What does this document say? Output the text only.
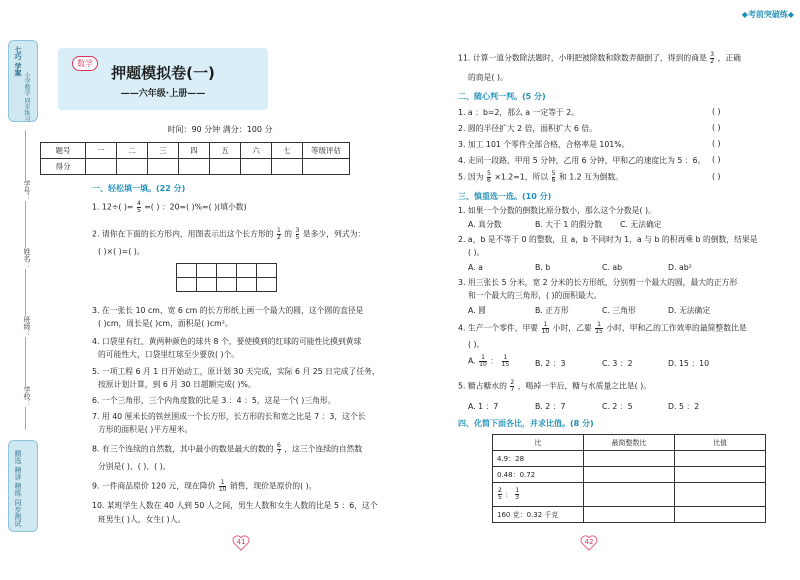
七巧 学案
小学数学 同步练习
学号：
姓名：
班级：
学校：
精选 精讲 精练 同步测试
数学
押题模拟卷(一)
——六年级·上册——
时间：90 分钟 满分：100 分
题号	一	二	三	四	五	六	七	等级评估
得分								
一、轻松填一填。(22 分)
1. 12÷( )= $\frac{4}{5}$ =( ) ：20=( )%=( )(填小数)
2. 请你在下面的长方形内，用图表示出这个长方形的 $\frac{1}{2}$ 的 $\frac{3}{5}$ 是多少，列式为：
( )×( )=( )。

3. 在一张长 10 cm、宽 6 cm 的长方形纸上画一个最大的圆，这个圆的直径是
( )cm，周长是( )cm，面积是( )cm²。
4. 口袋里有红、黄两种颜色的球共 8 个，要使摸到的红球的可能性比摸到黄球
的可能性大，口袋里红球至少要放( )个。
5. 一项工程 6 月 1 日开始动工，原计划 30 天完成，实际 6 月 25 日完成了任务，
按原计划计算，到 6 月 30 日超额完成( )%。
6. 一个三角形，三个内角度数的比是 3 ：4 ：5，这是一个( )三角形。
7. 用 40 厘米长的铁丝围成一个长方形，长方形的长和宽之比是 7 ：3，这个长
方形的面积是( )平方厘米。
8. 有三个连续的自然数，其中最小的数是最大的数的 $\frac{6}{7}$ ，这三个连续的自然数
分别是( )、( )、( )。
9. 一件商品原价 120 元，现在降价 $\frac{1}{10}$ 销售，现价是原价的( )。
10. 某班学生人数在 40 人到 50 人之间，男生人数和女生人数的比是 5 ：6，这个
班男生( )人，女生( )人。
41
◆考前突破练◆
11. 计算一道分数除法题时，小明把被除数和除数弄颠倒了，得到的商是 $\frac{3}{2}$ ，正确
的商是( )。
二、随心判一判。(5 分)
1. a ：b=2，那么 a 一定等于 2。	( )
2. 圆的半径扩大 2 倍，面积扩大 6 倍。	( )
3. 加工 101 个零件全部合格，合格率是 101%。	( )
4. 走同一段路，甲用 5 分钟，乙用 6 分钟，甲和乙的速度比为 5 ：6。 ( )
5. 因为 $\frac{5}{6} \times 1.2=1$，所以 $\frac{5}{6}$ 和 1.2 互为倒数。	( )
三、慎重选一选。(10 分)
1. 如果一个分数的倒数比原分数小，那么这个分数是( )。
A. 真分数	B. 大于 1 的假分数 C. 无法确定
2. a，b 是不等于 0 的整数，且 a，b 不同时为 1，a 与 b 的积再乘 b 的倒数，结果是
( )。
A. a	B. b	C. ab	D. ab²
3. 用三张长 5 分米，宽 2 分米的长方形纸，分别剪一个最大的圆，最大的正方形
和一个最大的三角形，( )的面积最大。
A. 圆	B. 正方形	C. 三角形	D. 无法确定
4. 生产一个零件，甲要 $\frac{1}{10}$ 小时，乙要 $\frac{1}{15}$ 小时，甲和乙的工作效率的最简整数比是
( )。
A. $\frac{1}{10}$ ： $\frac{1}{15}$	B. 2 ：3	C. 3 ：2	D. 15 ：10
5. 糖占糖水的 $\frac{2}{7}$ ，喝掉一半后，糖与水质量之比是( )。
A. 1 ：7	B. 2 ：7	C. 2 ：5	D. 5 ：2
四、化简下面各比，并求比值。(8 分)
比	最简整数比	比值
4.9：28		
0.48：0.72		

$\frac{2}{5}$ ： $\frac{1}{3}$

160 克：0.32 千克		
42
